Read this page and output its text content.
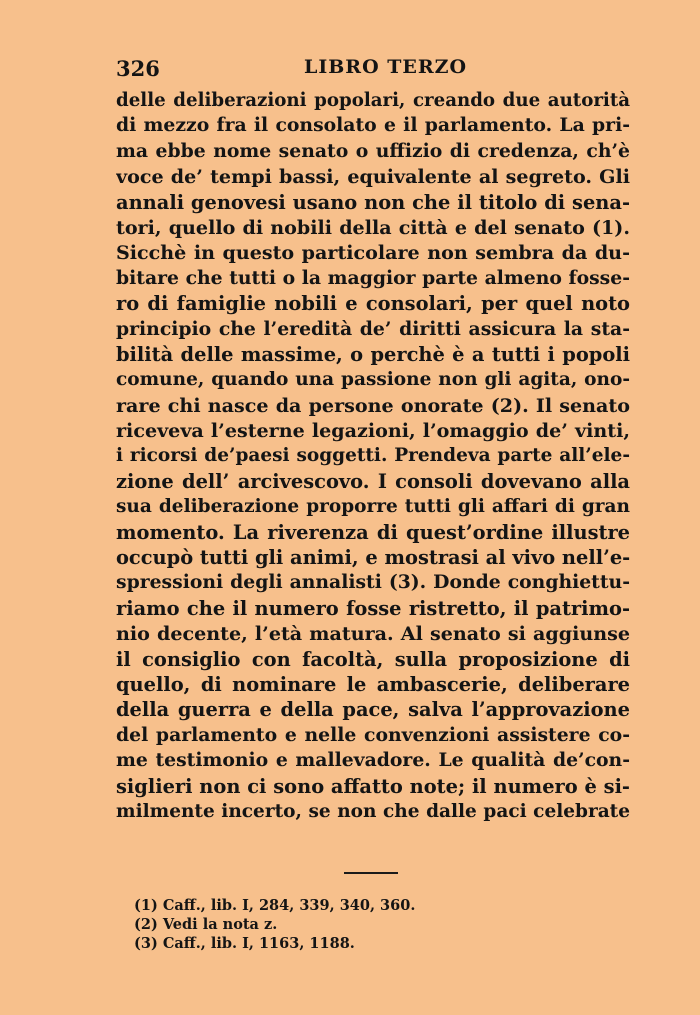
326	LIBRO TERZO
delle deliberazioni popolari, creando due autorità
di mezzo fra il consolato e il parlamento. La pri-
ma ebbe nome senato o uffizio di credenza, ch’è
voce de’ tempi bassi, equivalente al segreto. Gli
annali genovesi usano non che il titolo di sena-
tori, quello di nobili della città e del senato (1).
Sicchè in questo particolare non sembra da du-
bitare che tutti o la maggior parte almeno fosse-
ro di famiglie nobili e consolari, per quel noto
principio che l’eredità de’ diritti assicura la sta-
bilità delle massime, o perchè è a tutti i popoli
comune, quando una passione non gli agita, ono-
rare chi nasce da persone onorate (2). Il senato
riceveva l’esterne legazioni, l’omaggio de’ vinti,
i ricorsi de’paesi soggetti. Prendeva parte all’ele-
zione dell’ arcivescovo. I consoli dovevano alla
sua deliberazione proporre tutti gli affari di gran
momento. La riverenza di quest’ordine illustre
occupò tutti gli animi, e mostrasi al vivo nell’e-
spressioni degli annalisti (3). Donde conghiettu-
riamo che il numero fosse ristretto, il patrimo-
nio decente, l’età matura. Al senato si aggiunse
il consiglio con facoltà, sulla proposizione di
quello, di nominare le ambascerie, deliberare
della guerra e della pace, salva l’approvazione
del parlamento e nelle convenzioni assistere co-
me testimonio e mallevadore. Le qualità de’con-
siglieri non ci sono affatto note; il numero è si-
milmente incerto, se non che dalle paci celebrate
(1) Caff., lib. I, 284, 339, 340, 360.
(2) Vedi la nota z.
(3) Caff., lib. I, 1163, 1188.
